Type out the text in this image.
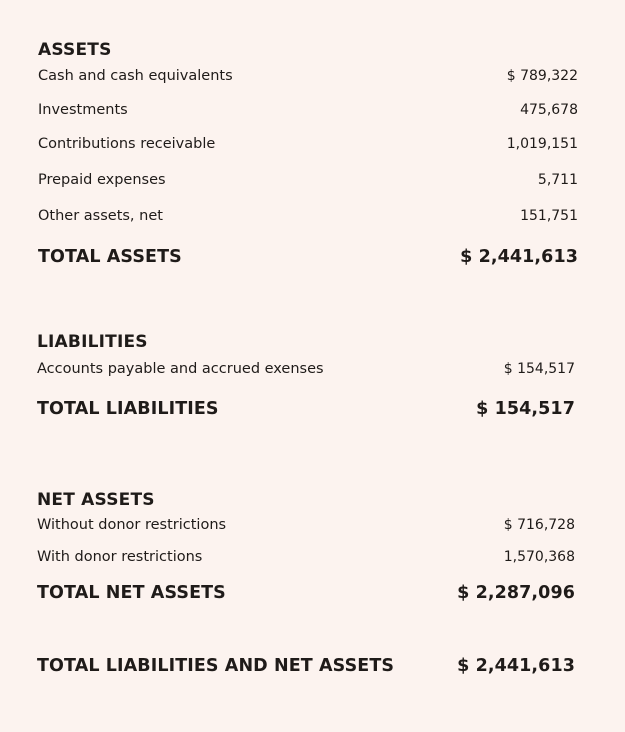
ASSETS
Cash and cash equivalents	$ 789,322
Investments	475,678
Contributions receivable	1,019,151
Prepaid expenses	5,711
Other assets, net	151,751
TOTAL ASSETS	$ 2,441,613
LIABILITIES
Accounts payable and accrued exenses	$ 154,517
TOTAL LIABILITIES	$ 154,517
NET ASSETS
Without donor restrictions	$ 716,728
With donor restrictions	1,570,368
TOTAL NET ASSETS	$ 2,287,096
TOTAL LIABILITIES AND NET ASSETS	$ 2,441,613
